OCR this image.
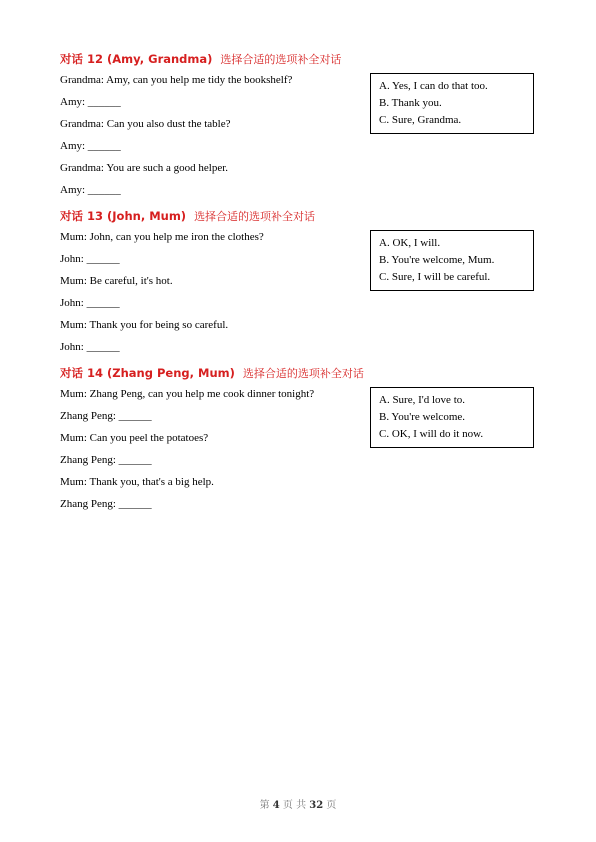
对话 12 (Amy, Grandma) 选择合适的选项补全对话
Grandma: Amy, can you help me tidy the bookshelf?
Amy: ______
Grandma: Can you also dust the table?
Amy: ______
Grandma: You are such a good helper.
Amy: ______
A. Yes, I can do that too.
B. Thank you.
C. Sure, Grandma.
对话 13 (John, Mum) 选择合适的选项补全对话
Mum: John, can you help me iron the clothes?
John: ______
Mum: Be careful, it's hot.
John: ______
Mum: Thank you for being so careful.
John: ______
A. OK, I will.
B. You're welcome, Mum.
C. Sure, I will be careful.
对话 14 (Zhang Peng, Mum) 选择合适的选项补全对话
Mum: Zhang Peng, can you help me cook dinner tonight?
Zhang Peng: ______
Mum: Can you peel the potatoes?
Zhang Peng: ______
Mum: Thank you, that's a big help.
Zhang Peng: ______
A. Sure, I'd love to.
B. You're welcome.
C. OK, I will do it now.
第 4 页 共 32 页
